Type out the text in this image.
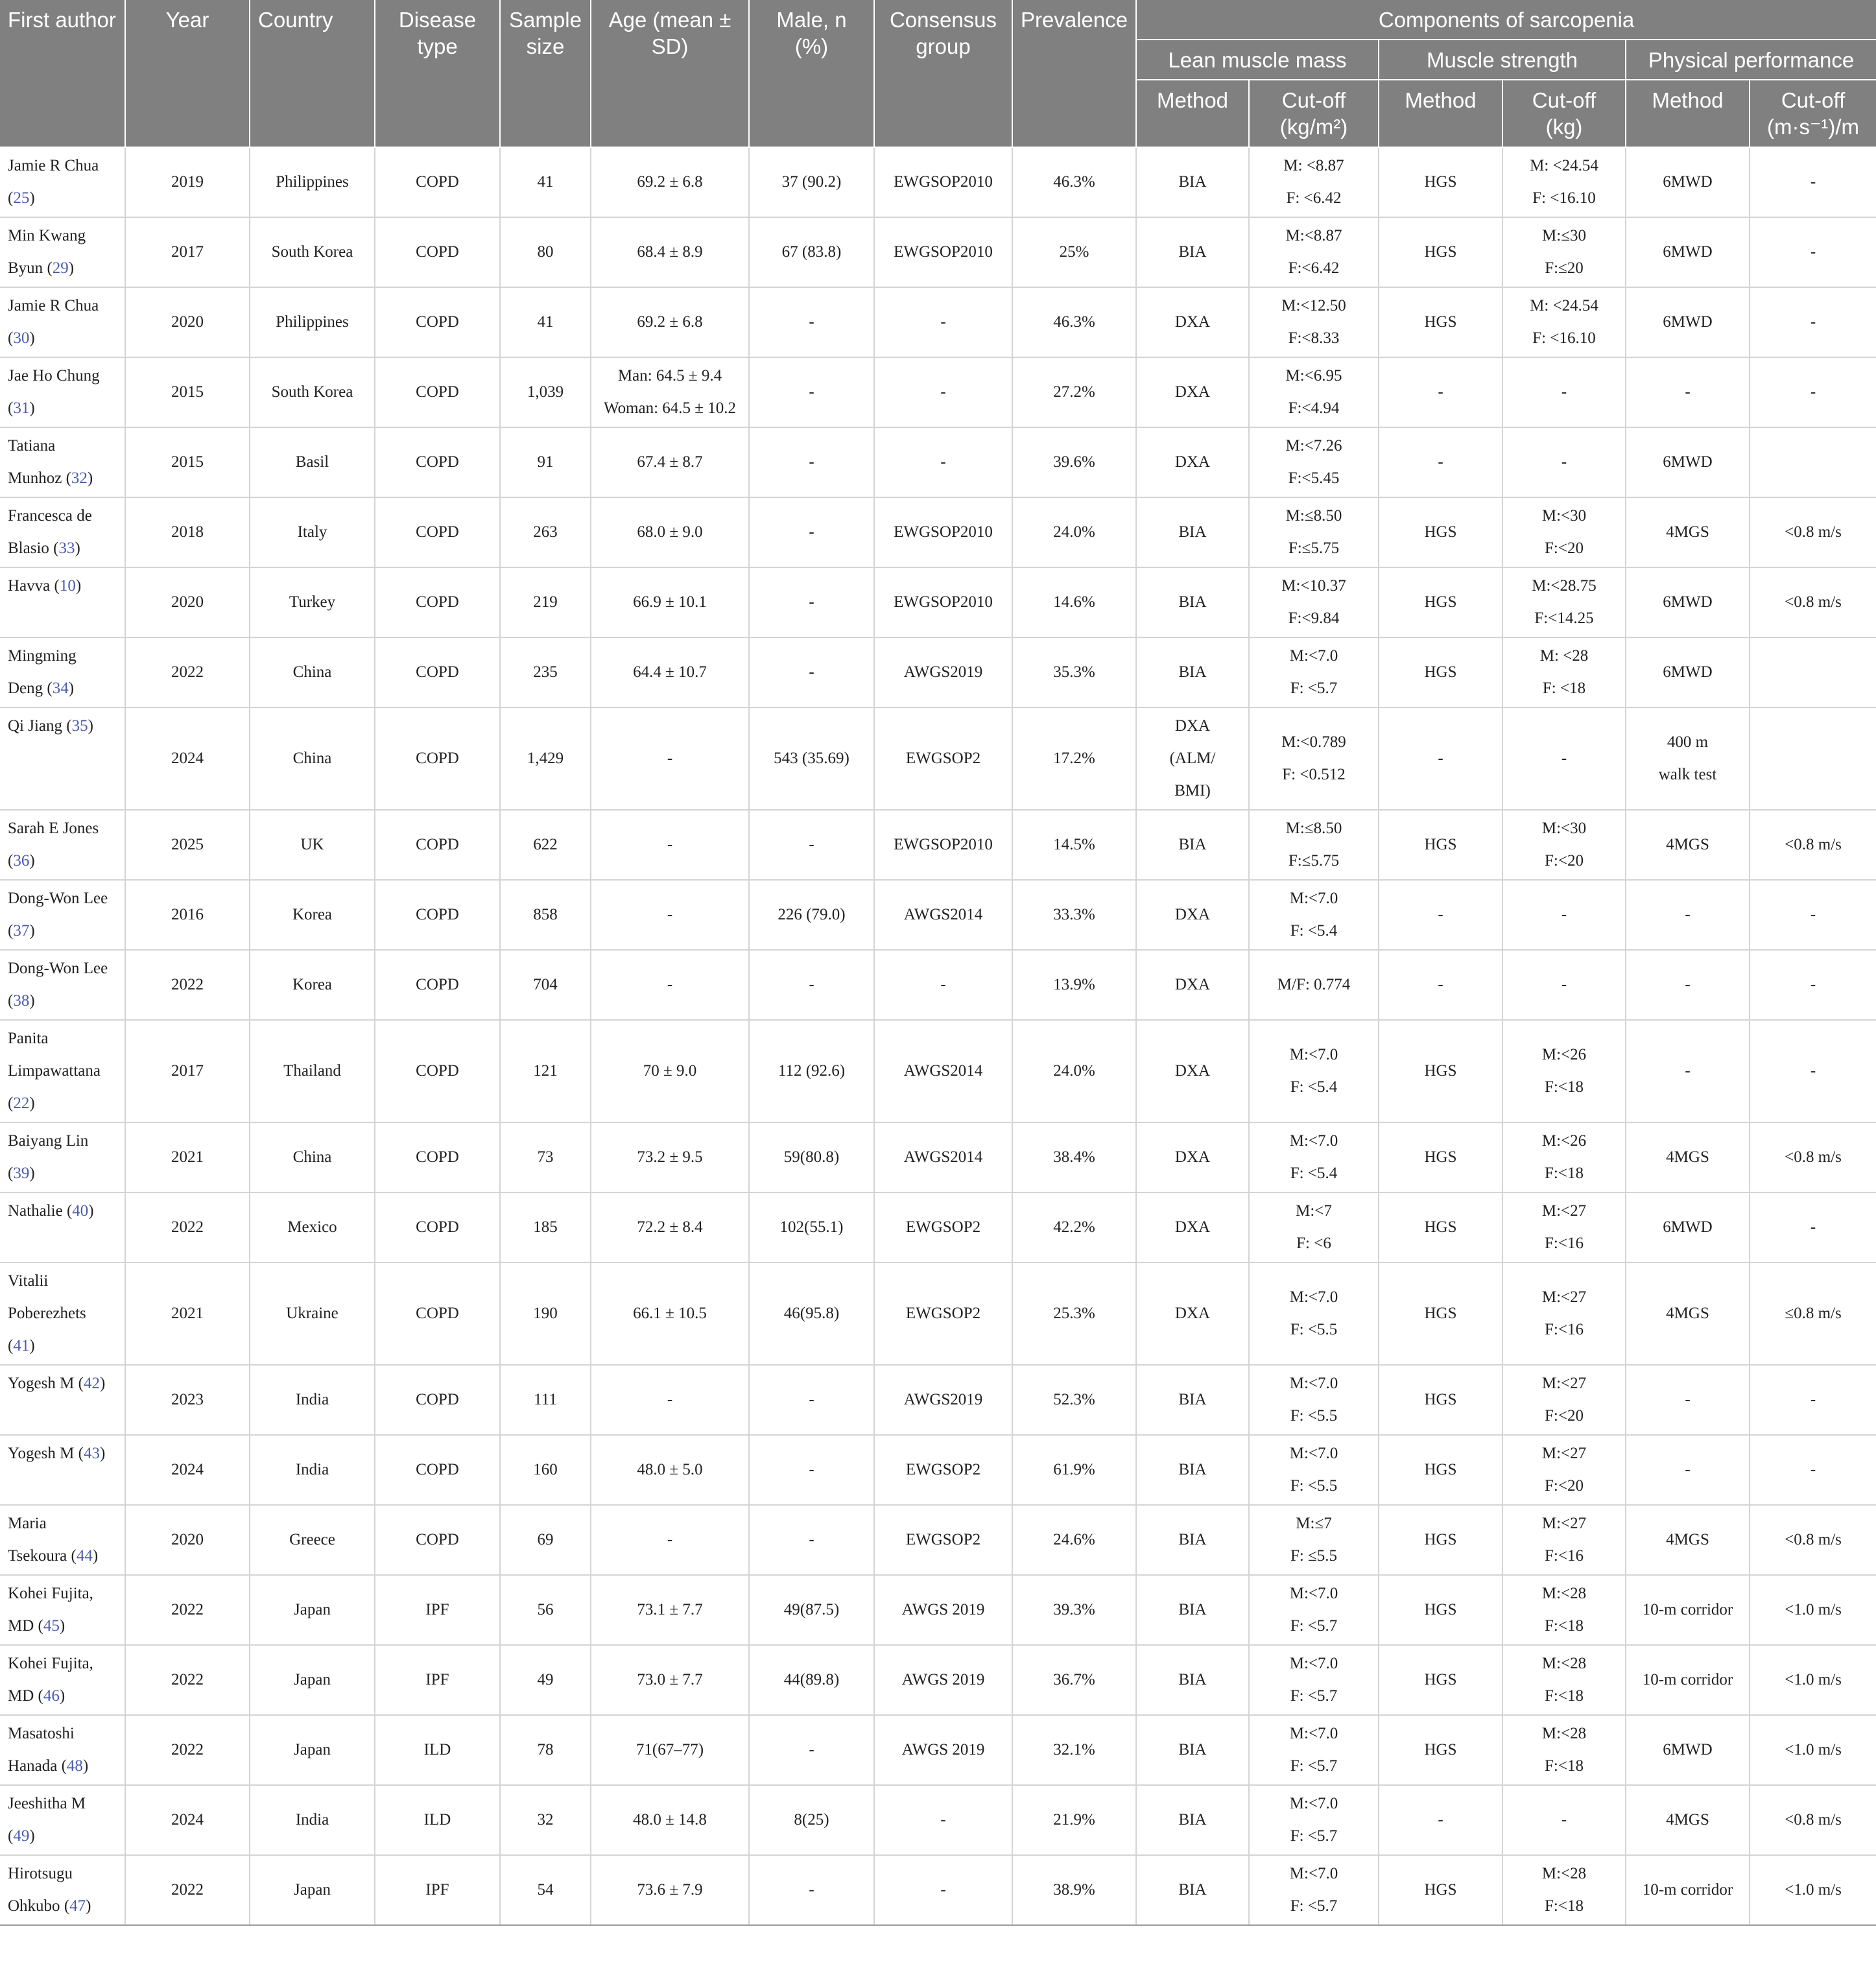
First author	Year	Country	Disease type	Sample size	Age (mean ± SD)	Male, n (%)	Consensus group	Prevalence	Components of sarcopenia					
									Lean muscle mass		Muscle strength		Physical performance	
									Method	Cut-off (kg/m²)	Method	Cut-off (kg)	Method	Cut-off (m·s⁻¹)/m

Jamie R Chua (25)	2019	Philippines	COPD	41	69.2 ± 6.8	37 (90.2)	EWGSOP2010	46.3%	BIA	M: <8.87
F: <6.42	HGS	M: <24.54
F: <16.10	6MWD	-

Min Kwang
Byun (29)	2017	South Korea	COPD	80	68.4 ± 8.9	67 (83.8)	EWGSOP2010	25%	BIA	M:<8.87
F:<6.42	HGS	M:≤30
F:≤20	6MWD	-

Jamie R Chua (30)	2020	Philippines	COPD	41	69.2 ± 6.8	-	-	46.3%	DXA	M:<12.50
F:<8.33	HGS	M: <24.54
F: <16.10	6MWD	-

Jae Ho Chung (31)	2015	South Korea	COPD	1,039	Man: 64.5 ± 9.4
Woman: 64.5 ± 10.2	-	-	27.2%	DXA	M:<6.95
F:<4.94	-	-	-	-

Tatiana
Munhoz (32)	2015	Basil	COPD	91	67.4 ± 8.7	-	-	39.6%	DXA	M:<7.26
F:<5.45	-	-	6MWD	

Francesca de
Blasio (33)	2018	Italy	COPD	263	68.0 ± 9.0	-	EWGSOP2010	24.0%	BIA	M:≤8.50
F:≤5.75	HGS	M:<30
F:<20	4MGS	<0.8 m/s

Havva (10)	2020	Turkey	COPD	219	66.9 ± 10.1	-	EWGSOP2010	14.6%	BIA	M:<10.37
F:<9.84	HGS	M:<28.75
F:<14.25	6MWD	<0.8 m/s

Mingming
Deng (34)	2022	China	COPD	235	64.4 ± 10.7	-	AWGS2019	35.3%	BIA	M:<7.0
F: <5.7	HGS	M: <28
F: <18	6MWD	

Qi Jiang (35)	2024	China	COPD	1,429	-	543 (35.69)	EWGSOP2	17.2%	DXA
(ALM/
BMI)	M:<0.789
F: <0.512	-	-	400 m
walk test	

Sarah E Jones (36)	2025	UK	COPD	622	-	-	EWGSOP2010	14.5%	BIA	M:≤8.50
F:≤5.75	HGS	M:<30
F:<20	4MGS	<0.8 m/s

Dong-Won Lee (37)	2016	Korea	COPD	858	-	226 (79.0)	AWGS2014	33.3%	DXA	M:<7.0
F: <5.4	-	-	-	-

Dong-Won Lee (38)	2022	Korea	COPD	704	-	-	-	13.9%	DXA	M/F: 0.774	-	-	-	-

Panita
Limpawattana (22)	2017	Thailand	COPD	121	70 ± 9.0	112 (92.6)	AWGS2014	24.0%	DXA	M:<7.0
F: <5.4	HGS	M:<26
F:<18	-	-

Baiyang Lin (39)	2021	China	COPD	73	73.2 ± 9.5	59(80.8)	AWGS2014	38.4%	DXA	M:<7.0
F: <5.4	HGS	M:<26
F:<18	4MGS	<0.8 m/s

Nathalie (40)	2022	Mexico	COPD	185	72.2 ± 8.4	102(55.1)	EWGSOP2	42.2%	DXA	M:<7
F: <6	HGS	M:<27
F:<16	6MWD	-

Vitalii
Poberezhets (41)	2021	Ukraine	COPD	190	66.1 ± 10.5	46(95.8)	EWGSOP2	25.3%	DXA	M:<7.0
F: <5.5	HGS	M:<27
F:<16	4MGS	≤0.8 m/s

Yogesh M (42)	2023	India	COPD	111	-	-	AWGS2019	52.3%	BIA	M:<7.0
F: <5.5	HGS	M:<27
F:<20	-	-

Yogesh M (43)	2024	India	COPD	160	48.0 ± 5.0	-	EWGSOP2	61.9%	BIA	M:<7.0
F: <5.5	HGS	M:<27
F:<20	-	-

Maria
Tsekoura (44)	2020	Greece	COPD	69	-	-	EWGSOP2	24.6%	BIA	M:≤7
F: ≤5.5	HGS	M:<27
F:<16	4MGS	<0.8 m/s

Kohei Fujita,
MD (45)	2022	Japan	IPF	56	73.1 ± 7.7	49(87.5)	AWGS 2019	39.3%	BIA	M:<7.0
F: <5.7	HGS	M:<28
F:<18	10-m corridor	<1.0 m/s

Kohei Fujita,
MD (46)	2022	Japan	IPF	49	73.0 ± 7.7	44(89.8)	AWGS 2019	36.7%	BIA	M:<7.0
F: <5.7	HGS	M:<28
F:<18	10-m corridor	<1.0 m/s

Masatoshi
Hanada (48)	2022	Japan	ILD	78	71(67–77)	-	AWGS 2019	32.1%	BIA	M:<7.0
F: <5.7	HGS	M:<28
F:<18	6MWD	<1.0 m/s

Jeeshitha M (49)	2024	India	ILD	32	48.0 ± 14.8	8(25)	-	21.9%	BIA	M:<7.0
F: <5.7	-	-	4MGS	<0.8 m/s

Hirotsugu
Ohkubo (47)	2022	Japan	IPF	54	73.6 ± 7.9	-	-	38.9%	BIA	M:<7.0
F: <5.7	HGS	M:<28
F:<18	10-m corridor	<1.0 m/s
